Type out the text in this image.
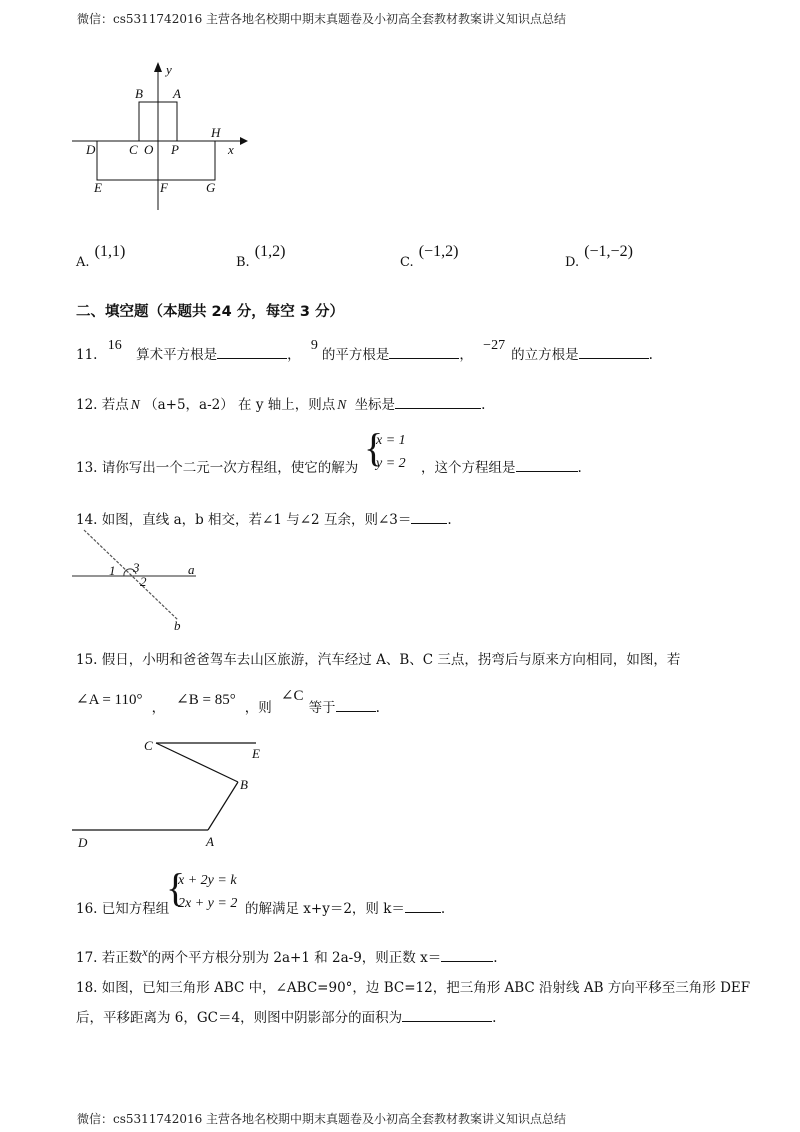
微信：cs5311742016 主营各地名校期中期末真题卷及小初高全套教材教案讲义知识点总结
y
x
B A
H
D	C O P
E	F	G
$_{A.}$ (1,1)
$_{B.}$ (1,2)
$_{C.}$ (−1,2)
$_{D.}$ (−1,−2)
二、填空题（本题共 24 分，每空 3 分）
11. 16 算术平方根是	， 9的平方根是	， −27的立方根是	.
12. 若点 N （a+5，a-2） 在 y 轴上，则点 N 坐标是	.
13. 请你写出一个二元一次方程组，使它的解为 {
x = 1
y = 2 ，这个方程组是	.
14. 如图，直线 a，b 相交，若∠1 与∠2 互余，则∠3＝	.
1 3
2
a
b
15. 假日，小明和爸爸驾车去山区旅游，汽车经过 A、B、C 三点，拐弯后与原来方向相同，如图，若
∠A = 110° $_,$ ∠B = 85° $_{,则}$ ∠C $_{等于}$	$_.$
C
E
B
D	A
16. 已知方程组
{
x + 2y = k
2x + y = 2 的解满足 x+y＝2，则 k＝	.
17. 若正数x的两个平方根分别为 2a+1 和 2a-9，则正数 x＝	.
18. 如图，已知三角形 ABC 中，∠ABC=90°，边 BC=12，把三角形 ABC 沿射线 AB 方向平移至三角形 DEF
后，平移距离为 6，GC＝4，则图中阴影部分的面积为	.
微信：cs5311742016 主营各地名校期中期末真题卷及小初高全套教材教案讲义知识点总结
